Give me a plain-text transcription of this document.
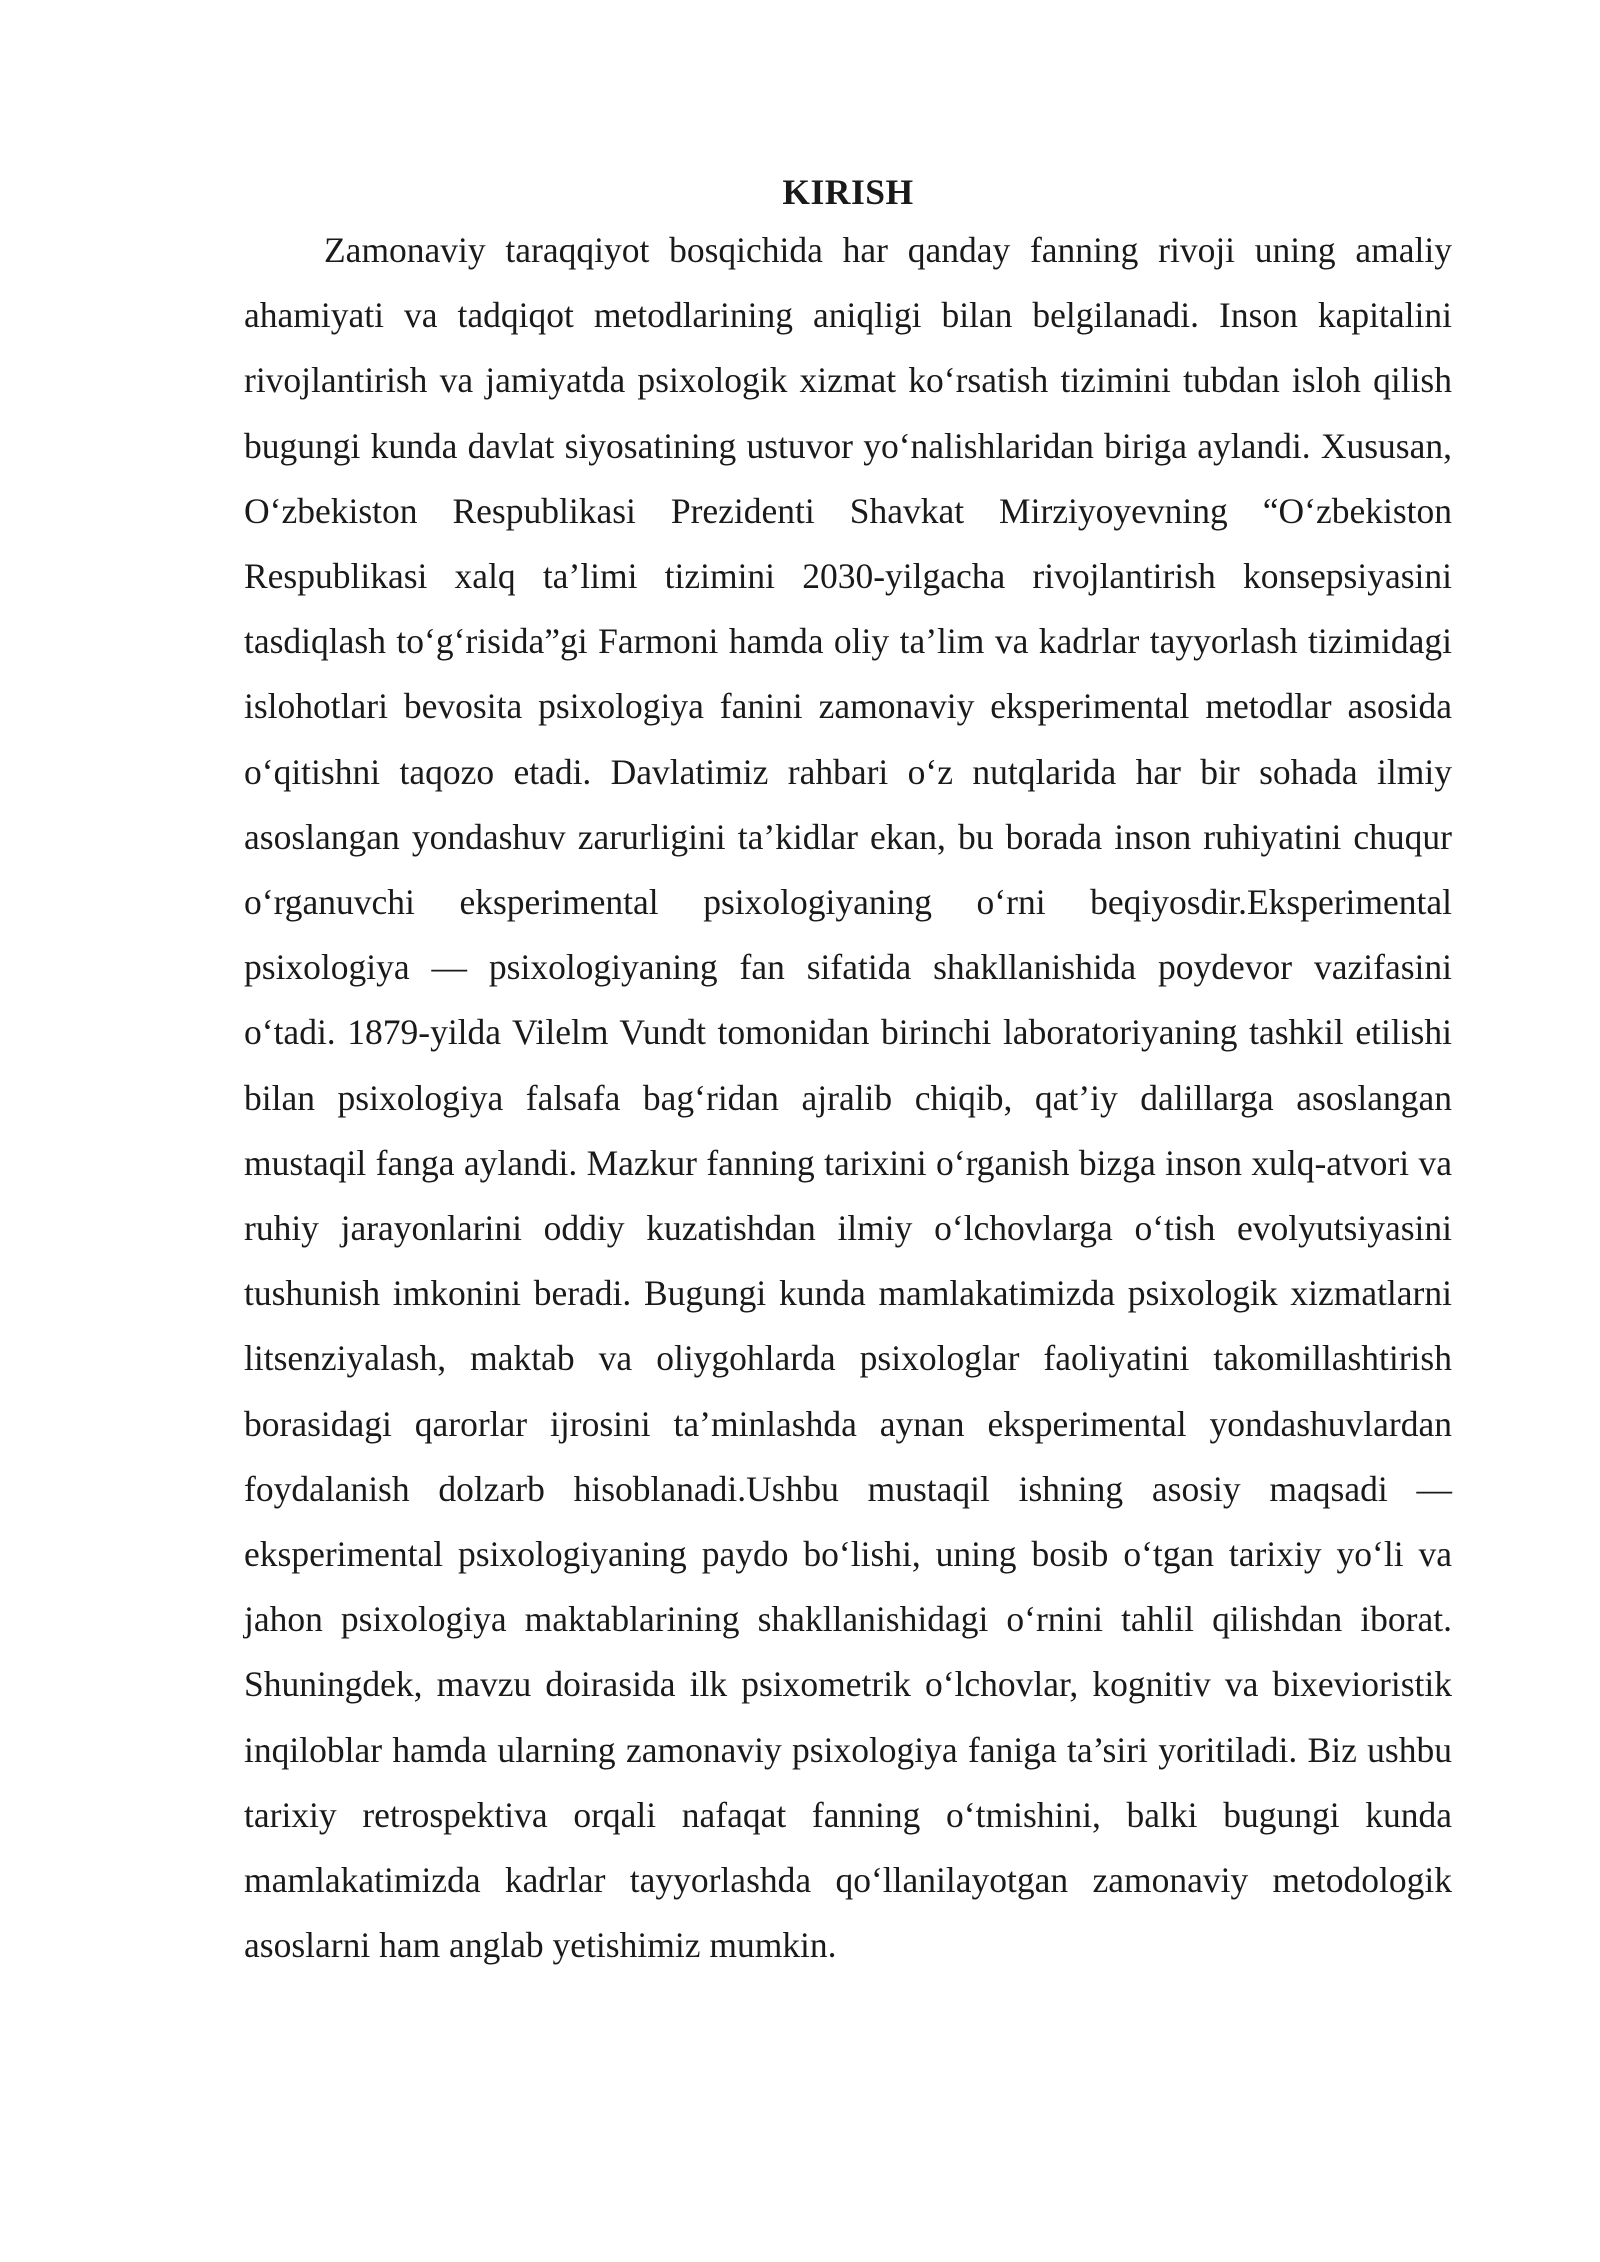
KIRISH

Zamonaviy taraqqiyot bosqichida har qanday fanning rivoji uning amaliy ahamiyati va tadqiqot metodlarining aniqligi bilan belgilanadi. Inson kapitalini rivojlantirish va jamiyatda psixologik xizmat ko‘rsatish tizimini tubdan isloh qilish bugungi kunda davlat siyosatining ustuvor yo‘nalishlaridan biriga aylandi. Xususan, O‘zbekiston Respublikasi Prezidenti Shavkat Mirziyoyevning “O‘zbekiston Respublikasi xalq ta’limi tizimini 2030-yilgacha rivojlantirish konsepsiyasini tasdiqlash to‘g‘risida”gi Farmoni hamda oliy ta’lim va kadrlar tayyorlash tizimidagi islohotlari bevosita psixologiya fanini zamonaviy eksperimental metodlar asosida o‘qitishni taqozo etadi. Davlatimiz rahbari o‘z nutqlarida har bir sohada ilmiy asoslangan yondashuv zarurligini ta’kidlar ekan, bu borada inson ruhiyatini chuqur o‘rganuvchi eksperimental psixologiyaning o‘rni beqiyosdir.Eksperimental psixologiya — psixologiyaning fan sifatida shakllanishida poydevor vazifasini o‘tadi. 1879-yilda Vilelm Vundt tomonidan birinchi laboratoriyaning tashkil etilishi bilan psixologiya falsafa bag‘ridan ajralib chiqib, qat’iy dalillarga asoslangan mustaqil fanga aylandi. Mazkur fanning tarixini o‘rganish bizga inson xulq-atvori va ruhiy jarayonlarini oddiy kuzatishdan ilmiy o‘lchovlarga o‘tish evolyutsiyasini tushunish imkonini beradi. Bugungi kunda mamlakatimizda psixologik xizmatlarni litsenziyalash, maktab va oliygohlarda psixologlar faoliyatini takomillashtirish borasidagi qarorlar ijrosini ta’minlashda aynan eksperimental yondashuvlardan foydalanish dolzarb hisoblanadi.Ushbu mustaqil ishning asosiy maqsadi — eksperimental psixologiyaning paydo bo‘lishi, uning bosib o‘tgan tarixiy yo‘li va jahon psixologiya maktablarining shakllanishidagi o‘rnini tahlil qilishdan iborat. Shuningdek, mavzu doirasida ilk psixometrik o‘lchovlar, kognitiv va bixevioristik inqiloblar hamda ularning zamonaviy psixologiya faniga ta’siri yoritiladi. Biz ushbu tarixiy retrospektiva orqali nafaqat fanning o‘tmishini, balki bugungi kunda mamlakatimizda kadrlar tayyorlashda qo‘llanilayotgan zamonaviy metodologik asoslarni ham anglab yetishimiz mumkin.
